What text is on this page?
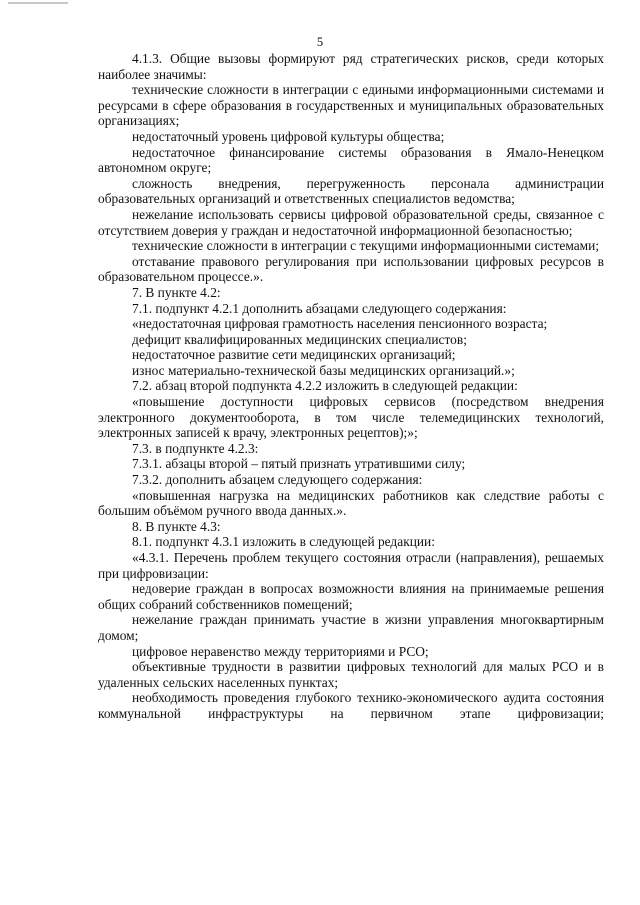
5

4.1.3. Общие вызовы формируют ряд стратегических рисков, среди которых наиболее значимы:

технические сложности в интеграции с едиными информационными системами и ресурсами в сфере образования в государственных и муниципальных образовательных организациях;

недостаточный уровень цифровой культуры общества;

недостаточное финансирование системы образования в Ямало-Ненецком автономном округе;

сложность внедрения, перегруженность персонала администрации образовательных организаций и ответственных специалистов ведомства;

нежелание использовать сервисы цифровой образовательной среды, связанное с отсутствием доверия у граждан и недостаточной информационной безопасностью;

технические сложности в интеграции с текущими информационными системами;

отставание правового регулирования при использовании цифровых ресурсов в образовательном процессе.».

7. В пункте 4.2:

7.1. подпункт 4.2.1 дополнить абзацами следующего содержания:

«недостаточная цифровая грамотность населения пенсионного возраста;

дефицит квалифицированных медицинских специалистов;

недостаточное развитие сети медицинских организаций;

износ материально-технической базы медицинских организаций.»;

7.2. абзац второй подпункта 4.2.2 изложить в следующей редакции:

«повышение доступности цифровых сервисов (посредством внедрения электронного документооборота, в том числе телемедицинских технологий, электронных записей к врачу, электронных рецептов);»;

7.3. в подпункте 4.2.3:

7.3.1. абзацы второй – пятый признать утратившими силу;

7.3.2. дополнить абзацем следующего содержания:

«повышенная нагрузка на медицинских работников как следствие работы с большим объёмом ручного ввода данных.».

8. В пункте 4.3:

8.1. подпункт 4.3.1 изложить в следующей редакции:

«4.3.1. Перечень проблем текущего состояния отрасли (направления), решаемых при цифровизации:

недоверие граждан в вопросах возможности влияния на принимаемые решения общих собраний собственников помещений;

нежелание граждан принимать участие в жизни управления многоквартирным домом;

цифровое неравенство между территориями и РСО;

объективные трудности в развитии цифровых технологий для малых РСО и в удаленных сельских населенных пунктах;

необходимость проведения глубокого технико-экономического аудита состояния коммунальной инфраструктуры на первичном этапе цифровизации;
